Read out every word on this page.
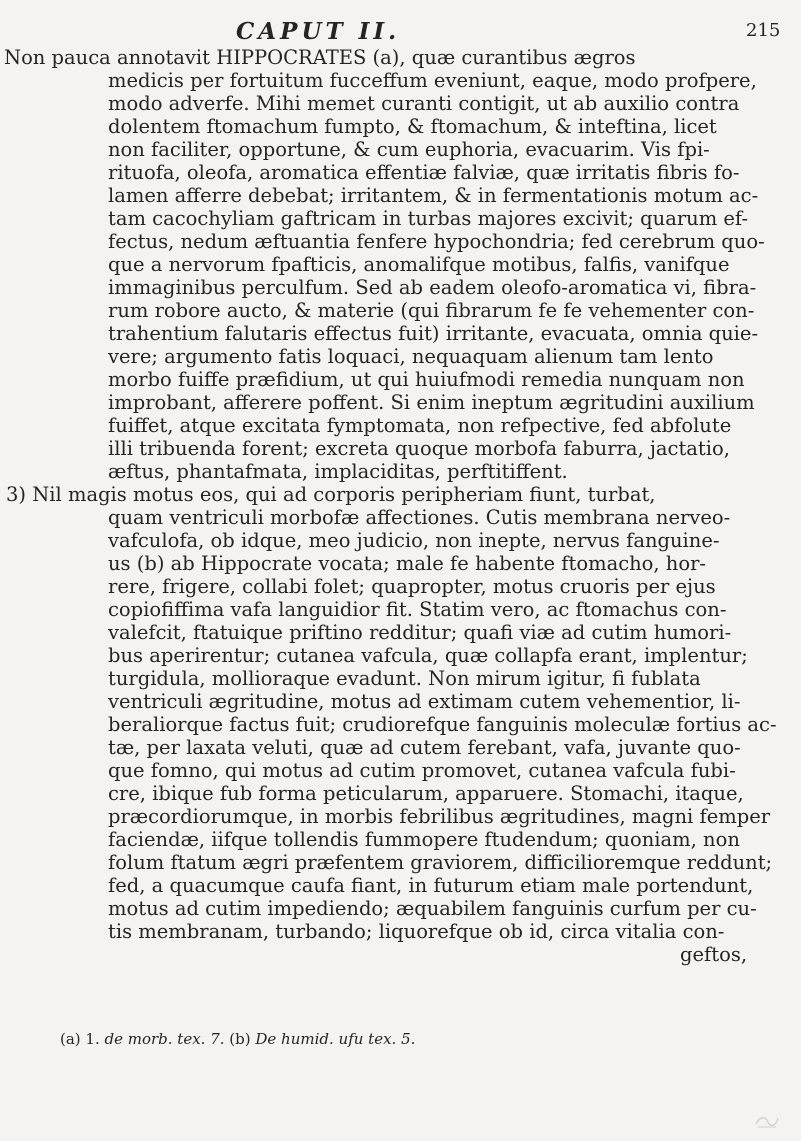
CAPUT II.	215
Non pauca annotavit HIPPOCRATES (a), quæ curantibus ægros
medicis per fortuitum fucceffum eveniunt, eaque, modo profpere,
modo adverfe. Mihi memet curanti contigit, ut ab auxilio contra
dolentem ftomachum fumpto, & ftomachum, & inteftina, licet
non faciliter, opportune, & cum euphoria, evacuarim. Vis fpi-
rituofa, oleofa, aromatica effentiæ falviæ, quæ irritatis fibris fo-
lamen afferre debebat; irritantem, & in fermentationis motum ac-
tam cacochyliam gaftricam in turbas majores excivit; quarum ef-
fectus, nedum æftuantia fenfere hypochondria; fed cerebrum quo-
que a nervorum fpafticis, anomalifque motibus, falfis, vanifque
immaginibus perculfum. Sed ab eadem oleofo-aromatica vi, fibra-
rum robore aucto, & materie (qui fibrarum fe fe vehementer con-
trahentium falutaris effectus fuit) irritante, evacuata, omnia quie-
vere; argumento fatis loquaci, nequaquam alienum tam lento
morbo fuiffe præfidium, ut qui huiufmodi remedia nunquam non
improbant, afferere poffent. Si enim ineptum ægritudini auxilium
fuiffet, atque excitata fymptomata, non refpective, fed abfolute
illi tribuenda forent; excreta quoque morbofa faburra, jactatio,
æftus, phantafmata, implaciditas, perftitiffent.
3) Nil magis motus eos, qui ad corporis peripheriam fiunt, turbat,
quam ventriculi morbofæ affectiones. Cutis membrana nerveo-
vafculofa, ob idque, meo judicio, non inepte, nervus fanguine-
us (b) ab Hippocrate vocata; male fe habente ftomacho, hor-
rere, frigere, collabi folet; quapropter, motus cruoris per ejus
copiofiffima vafa languidior fit. Statim vero, ac ftomachus con-
valefcit, ftatuique priftino redditur; quafi viæ ad cutim humori-
bus aperirentur; cutanea vafcula, quæ collapfa erant, implentur;
turgidula, mollioraque evadunt. Non mirum igitur, fi fublata
ventriculi ægritudine, motus ad extimam cutem vehementior, li-
beraliorque factus fuit; crudiorefque fanguinis moleculæ fortius ac-
tæ, per laxata veluti, quæ ad cutem ferebant, vafa, juvante quo-
que fomno, qui motus ad cutim promovet, cutanea vafcula fubi-
cre, ibique fub forma peticularum, apparuere. Stomachi, itaque,
præcordiorumque, in morbis febrilibus ægritudines, magni femper
faciendæ, iifque tollendis fummopere ftudendum; quoniam, non
folum ftatum ægri præfentem graviorem, difficilioremque reddunt;
fed, a quacumque caufa fiant, in futurum etiam male portendunt,
motus ad cutim impediendo; æquabilem fanguinis curfum per cu-
tis membranam, turbando; liquorefque ob id, circa vitalia con-
geftos,
(a) 1. de morb. tex. 7. (b) De humid. ufu tex. 5.
